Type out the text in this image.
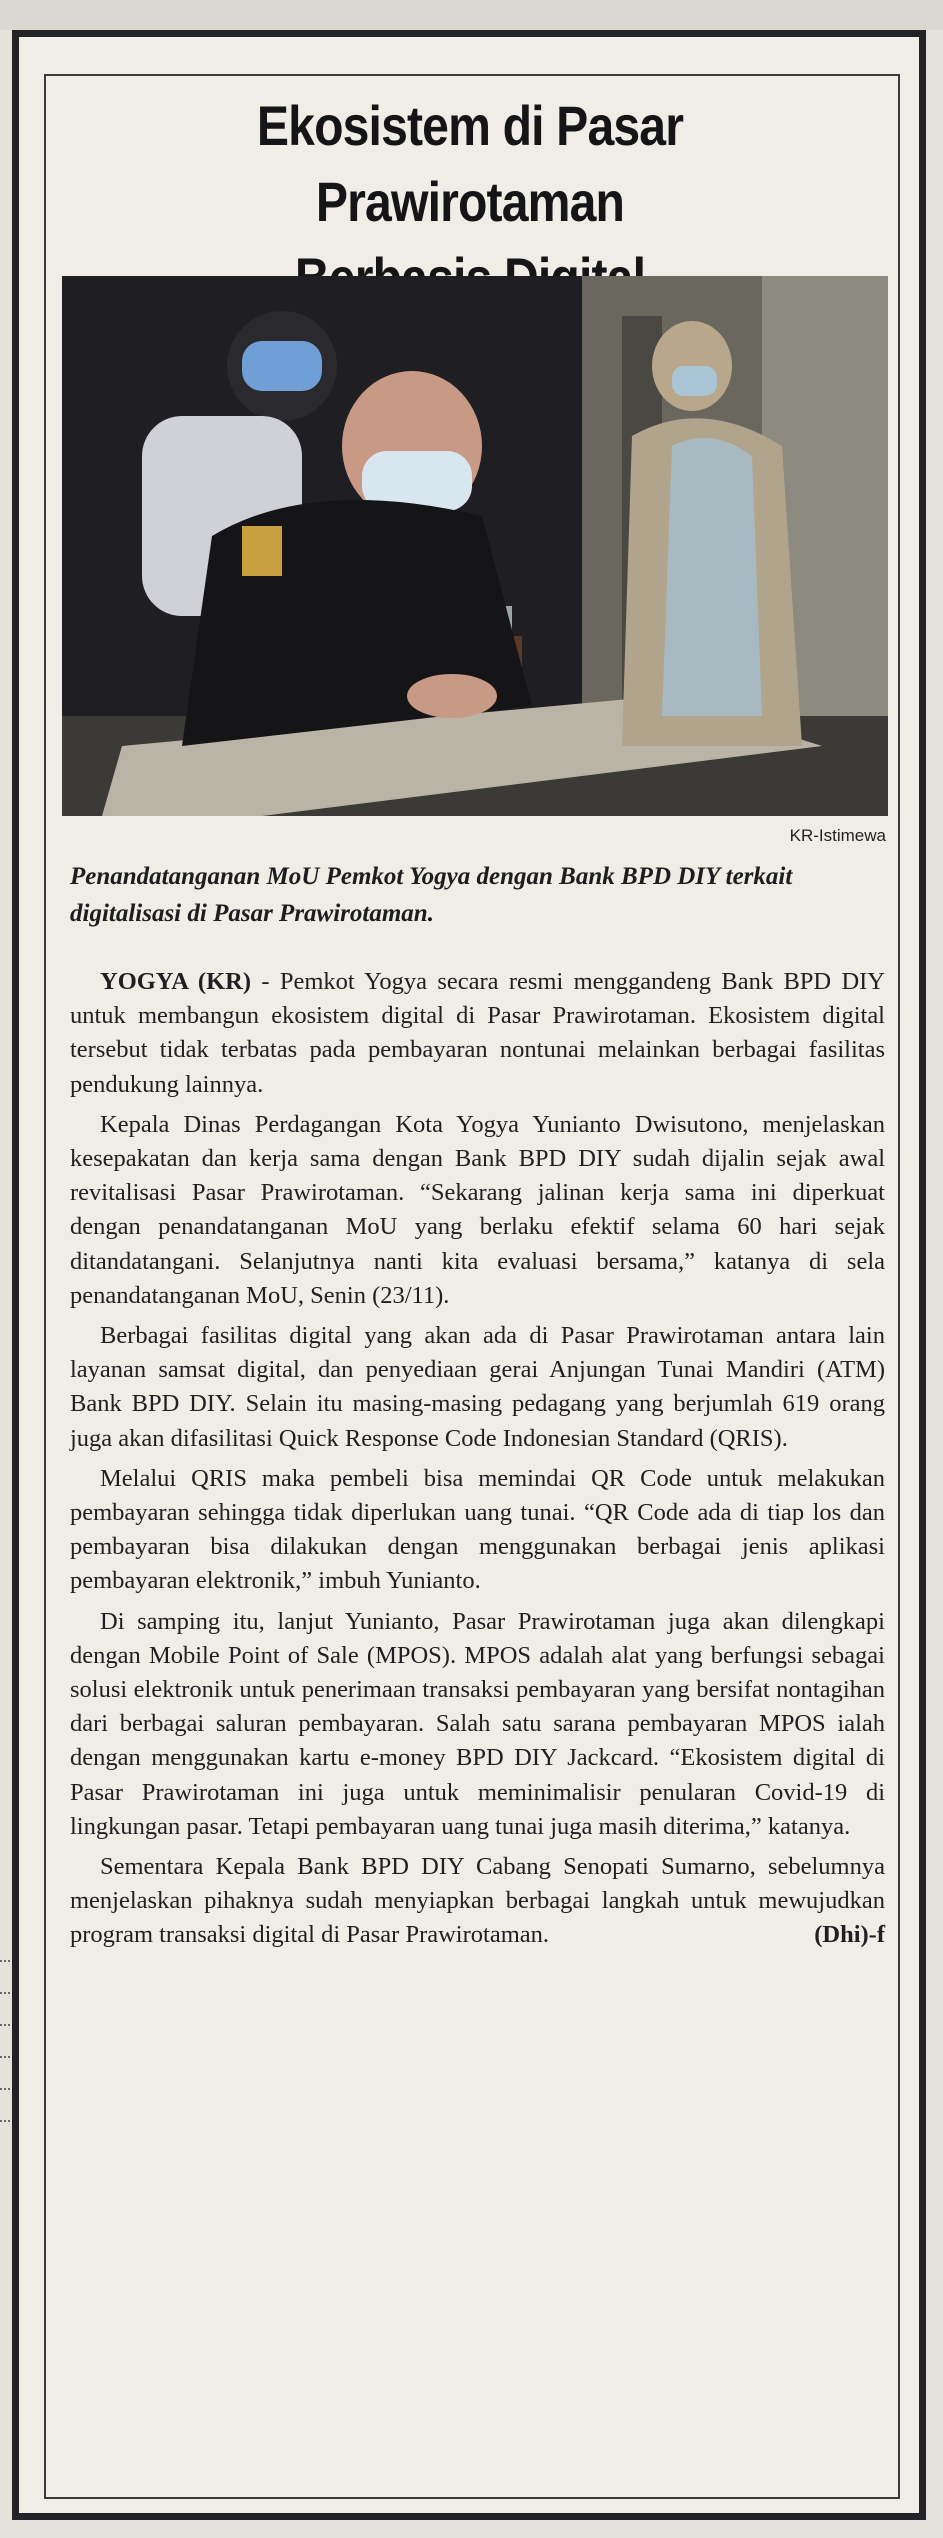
Ekosistem di Pasar Prawirotaman
KR-Istimewa
Penandatanganan MoU Pemkot Yogya dengan Bank BPD DIY terkait digitalisasi di Pasar Prawirotaman.

YOGYA (KR) - Pemkot Yogya secara resmi menggandeng Bank BPD DIY untuk membangun ekosistem digital di Pasar Prawirotaman. Ekosistem digital tersebut tidak terbatas pada pembayaran nontunai melainkan berbagai fasilitas pendukung lainnya.

Kepala Dinas Perdagangan Kota Yogya Yunianto Dwisutono, menjelaskan kesepakatan dan kerja sama dengan Bank BPD DIY sudah dijalin sejak awal revitalisasi Pasar Prawirotaman. “Sekarang jalinan kerja sama ini diperkuat dengan penandatanganan MoU yang berlaku efektif selama 60 hari sejak ditandatangani. Selanjutnya nanti kita evaluasi bersama,” katanya di sela penandatanganan MoU, Senin (23/11).

Berbagai fasilitas digital yang akan ada di Pasar Prawirotaman antara lain layanan samsat digital, dan penyediaan gerai Anjungan Tunai Mandiri (ATM) Bank BPD DIY. Selain itu masing-masing pedagang yang berjumlah 619 orang juga akan difasilitasi Quick Response Code Indonesian Standard (QRIS).

Melalui QRIS maka pembeli bisa memindai QR Code untuk melakukan pembayaran sehingga tidak diperlukan uang tunai. “QR Code ada di tiap los dan pembayaran bisa dilakukan dengan menggunakan berbagai jenis aplikasi pembayaran elektronik,” imbuh Yunianto.

Di samping itu, lanjut Yunianto, Pasar Prawirotaman juga akan dilengkapi dengan Mobile Point of Sale (MPOS). MPOS adalah alat yang berfungsi sebagai solusi elektronik untuk penerimaan transaksi pembayaran yang bersifat nontagihan dari berbagai saluran pembayaran. Salah satu sarana pembayaran MPOS ialah dengan menggunakan kartu e-money BPD DIY Jackcard. “Ekosistem digital di Pasar Prawirotaman ini juga untuk meminimalisir penularan Covid-19 di lingkungan pasar. Tetapi pembayaran uang tunai juga masih diterima,” katanya.

Sementara Kepala Bank BPD DIY Cabang Senopati Sumarno, sebelumnya menjelaskan pihaknya sudah menyiapkan berbagai langkah untuk mewujudkan program transaksi digital di Pasar Prawirotaman.	(Dhi)-f
